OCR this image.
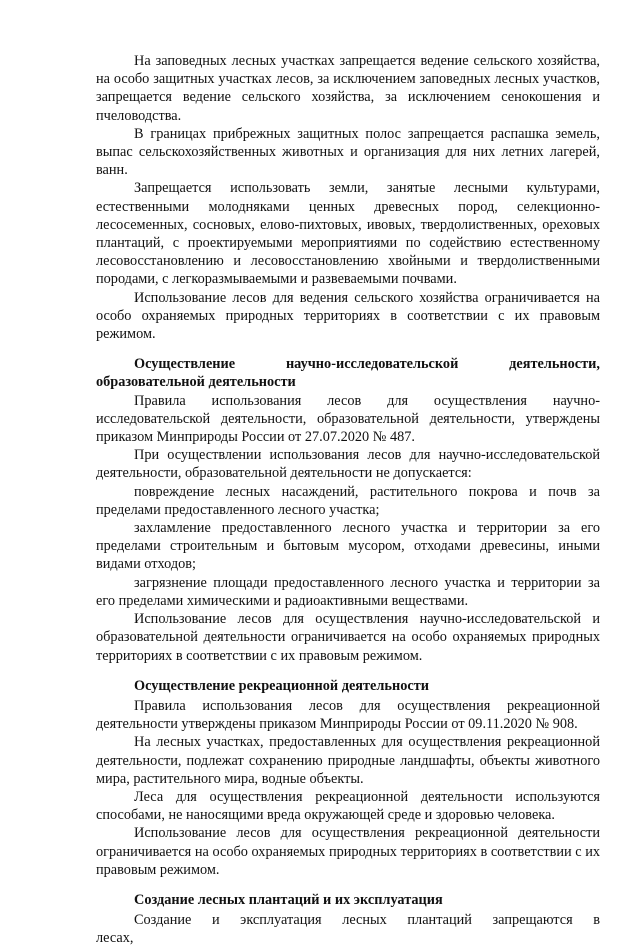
На заповедных лесных участках запрещается ведение сельского хозяйства, на особо защитных участках лесов, за исключением заповедных лесных участков, запрещается ведение сельского хозяйства, за исключением сенокошения и пчеловодства.

В границах прибрежных защитных полос запрещается распашка земель, выпас сельскохозяйственных животных и организация для них летних лагерей, ванн.

Запрещается использовать земли, занятые лесными культурами, естественными молодняками ценных древесных пород, селекционно-лесосеменных, сосновых, елово-пихтовых, ивовых, твердолиственных, ореховых плантаций, с проектируемыми мероприятиями по содействию естественному лесовосстановлению и лесовосстановлению хвойными и твердолиственными породами, с легкоразмываемыми и развеваемыми почвами.

Использование лесов для ведения сельского хозяйства ограничивается на особо охраняемых природных территориях в соответствии с их правовым режимом.

Осуществление	научно-исследовательской	деятельности,
образовательной деятельности

Правила использования лесов для осуществления научно-исследовательской деятельности, образовательной деятельности, утверждены приказом Минприроды России от 27.07.2020 № 487.

При осуществлении использования лесов для научно-исследовательской деятельности, образовательной деятельности не допускается:

повреждение лесных насаждений, растительного покрова и почв за пределами предоставленного лесного участка;

захламление предоставленного лесного участка и территории за его пределами строительным и бытовым мусором, отходами древесины, иными видами отходов;

загрязнение площади предоставленного лесного участка и территории за его пределами химическими и радиоактивными веществами.

Использование лесов для осуществления научно-исследовательской и образовательной деятельности ограничивается на особо охраняемых природных территориях в соответствии с их правовым режимом.

Осуществление рекреационной деятельности

Правила использования лесов для осуществления рекреационной деятельности утверждены приказом Минприроды России от 09.11.2020 № 908.

На лесных участках, предоставленных для осуществления рекреационной деятельности, подлежат сохранению природные ландшафты, объекты животного мира, растительного мира, водные объекты.

Леса для осуществления рекреационной деятельности используются способами, не наносящими вреда окружающей среде и здоровью человека.

Использование лесов для осуществления рекреационной деятельности ограничивается на особо охраняемых природных территориях в соответствии с их правовым режимом.

Создание лесных плантаций и их эксплуатация

Создание и эксплуатация лесных плантаций запрещаются в лесах,
